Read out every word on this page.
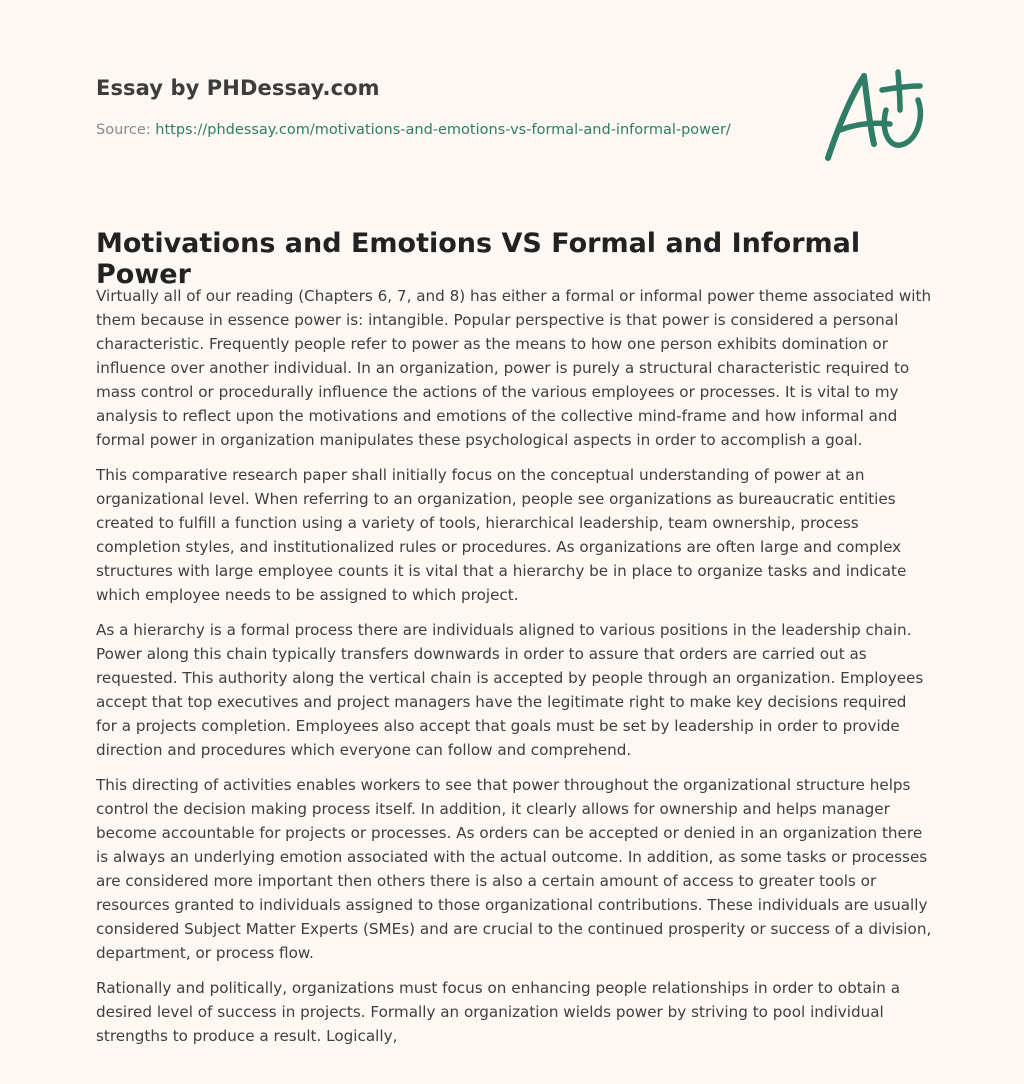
Essay by PHDessay.com
Source: https://phdessay.com/motivations-and-emotions-vs-formal-and-informal-power/
Motivations and Emotions VS Formal and Informal Power

Virtually all of our reading (Chapters 6, 7, and 8) has either a formal or informal power theme associated with them because in essence power is: intangible. Popular perspective is that power is considered a personal characteristic. Frequently people refer to power as the means to how one person exhibits domination or influence over another individual. In an organization, power is purely a structural characteristic required to mass control or procedurally influence the actions of the various employees or processes. It is vital to my analysis to reflect upon the motivations and emotions of the collective mind-frame and how informal and formal power in organization manipulates these psychological aspects in order to accomplish a goal.

This comparative research paper shall initially focus on the conceptual understanding of power at an organizational level. When referring to an organization, people see organizations as bureaucratic entities created to fulfill a function using a variety of tools, hierarchical leadership, team ownership, process completion styles, and institutionalized rules or procedures. As organizations are often large and complex structures with large employee counts it is vital that a hierarchy be in place to organize tasks and indicate which employee needs to be assigned to which project.

As a hierarchy is a formal process there are individuals aligned to various positions in the leadership chain. Power along this chain typically transfers downwards in order to assure that orders are carried out as requested. This authority along the vertical chain is accepted by people through an organization. Employees accept that top executives and project managers have the legitimate right to make key decisions required for a projects completion. Employees also accept that goals must be set by leadership in order to provide direction and procedures which everyone can follow and comprehend.

This directing of activities enables workers to see that power throughout the organizational structure helps control the decision making process itself. In addition, it clearly allows for ownership and helps manager become accountable for projects or processes. As orders can be accepted or denied in an organization there is always an underlying emotion associated with the actual outcome. In addition, as some tasks or processes are considered more important then others there is also a certain amount of access to greater tools or resources granted to individuals assigned to those organizational contributions. These individuals are usually considered Subject Matter Experts (SMEs) and are crucial to the continued prosperity or success of a division, department, or process flow.

Rationally and politically, organizations must focus on enhancing people relationships in order to obtain a desired level of success in projects. Formally an organization wields power by striving to pool individual strengths to produce a result. Logically,
